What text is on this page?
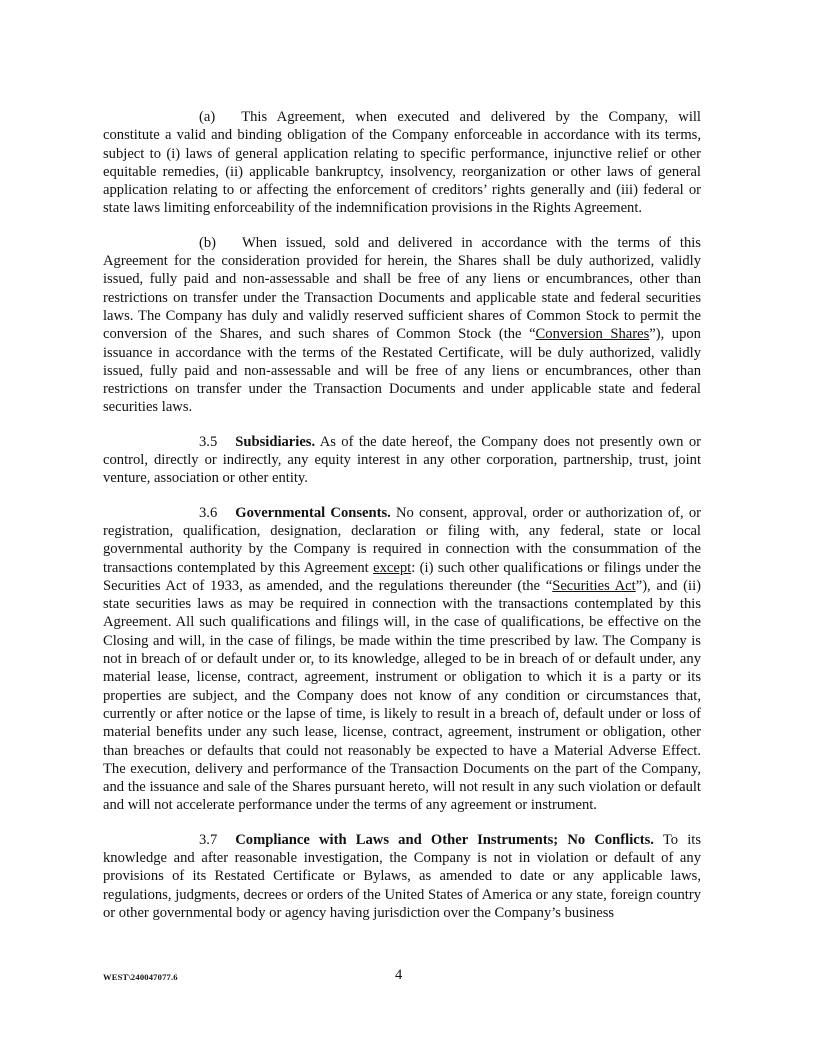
(a) This Agreement, when executed and delivered by the Company, will constitute a valid and binding obligation of the Company enforceable in accordance with its terms, subject to (i) laws of general application relating to specific performance, injunctive relief or other equitable remedies, (ii) applicable bankruptcy, insolvency, reorganization or other laws of general application relating to or affecting the enforcement of creditors’ rights generally and (iii) federal or state laws limiting enforceability of the indemnification provisions in the Rights Agreement.

(b) When issued, sold and delivered in accordance with the terms of this Agreement for the consideration provided for herein, the Shares shall be duly authorized, validly issued, fully paid and non-assessable and shall be free of any liens or encumbrances, other than restrictions on transfer under the Transaction Documents and applicable state and federal securities laws. The Company has duly and validly reserved sufficient shares of Common Stock to permit the conversion of the Shares, and such shares of Common Stock (the “Conversion Shares”), upon issuance in accordance with the terms of the Restated Certificate, will be duly authorized, validly issued, fully paid and non-assessable and will be free of any liens or encumbrances, other than restrictions on transfer under the Transaction Documents and under applicable state and federal securities laws.

3.5 Subsidiaries. As of the date hereof, the Company does not presently own or control, directly or indirectly, any equity interest in any other corporation, partnership, trust, joint venture, association or other entity.

3.6 Governmental Consents. No consent, approval, order or authorization of, or registration, qualification, designation, declaration or filing with, any federal, state or local governmental authority by the Company is required in connection with the consummation of the transactions contemplated by this Agreement except: (i) such other qualifications or filings under the Securities Act of 1933, as amended, and the regulations thereunder (the “Securities Act”), and (ii) state securities laws as may be required in connection with the transactions contemplated by this Agreement. All such qualifications and filings will, in the case of qualifications, be effective on the Closing and will, in the case of filings, be made within the time prescribed by law. The Company is not in breach of or default under or, to its knowledge, alleged to be in breach of or default under, any material lease, license, contract, agreement, instrument or obligation to which it is a party or its properties are subject, and the Company does not know of any condition or circumstances that, currently or after notice or the lapse of time, is likely to result in a breach of, default under or loss of material benefits under any such lease, license, contract, agreement, instrument or obligation, other than breaches or defaults that could not reasonably be expected to have a Material Adverse Effect. The execution, delivery and performance of the Transaction Documents on the part of the Company, and the issuance and sale of the Shares pursuant hereto, will not result in any such violation or default and will not accelerate performance under the terms of any agreement or instrument.

3.7 Compliance with Laws and Other Instruments; No Conflicts. To its knowledge and after reasonable investigation, the Company is not in violation or default of any provisions of its Restated Certificate or Bylaws, as amended to date or any applicable laws, regulations, judgments, decrees or orders of the United States of America or any state, foreign country or other governmental body or agency having jurisdiction over the Company’s business

WEST\240047077.6	4
